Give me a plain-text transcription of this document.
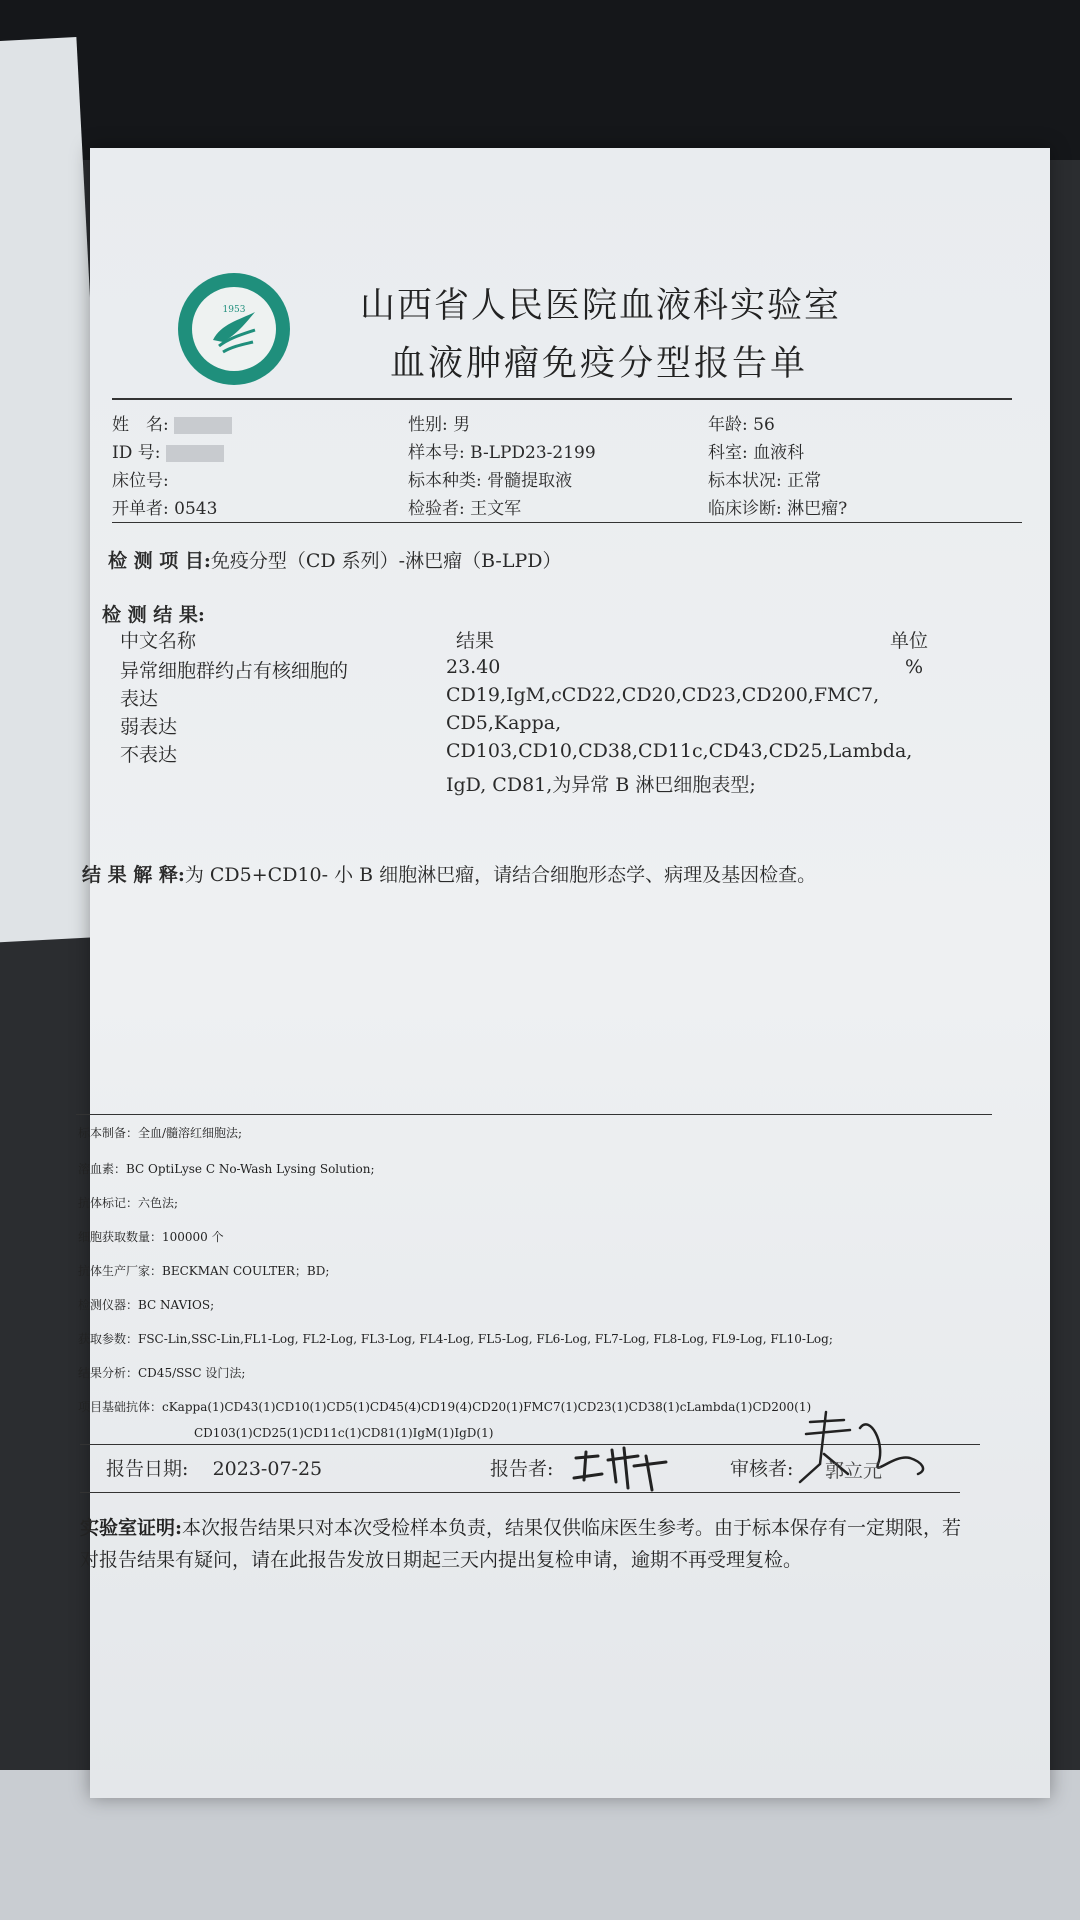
1953	山西省人民医院血液科实验室
血液肿瘤免疫分型报告单
姓　名:	性别: 男	年龄: 56
ID 号:	样本号: B-LPD23-2199	科室: 血液科
床位号:	标本种类: 骨髓提取液	标本状况: 正常
开单者: 0543	检验者: 王文军	临床诊断: 淋巴瘤?
检 测 项 目:免疫分型（CD 系列）-淋巴瘤（B-LPD）
检 测 结 果:
中文名称	结果	单位
异常细胞群约占有核细胞的	23.40	%
表达	CD19,IgM,cCD22,CD20,CD23,CD200,FMC7,
弱表达	CD5,Kappa,
不表达	CD103,CD10,CD38,CD11c,CD43,CD25,Lambda,
IgD, CD81,为异常 B 淋巴细胞表型;
结 果 解 释:为 CD5+CD10- 小 B 细胞淋巴瘤，请结合细胞形态学、病理及基因检查。
标本制备：全血/髓溶红细胞法;
溶血素：BC OptiLyse C No-Wash Lysing Solution;
抗体标记：六色法;
细胞获取数量：100000 个
抗体生产厂家：BECKMAN COULTER；BD;
检测仪器：BC NAVIOS;
获取参数：FSC-Lin,SSC-Lin,FL1-Log, FL2-Log, FL3-Log, FL4-Log, FL5-Log, FL6-Log, FL7-Log, FL8-Log, FL9-Log, FL10-Log;
结果分析：CD45/SSC 设门法;
项目基础抗体：cKappa(1)CD43(1)CD10(1)CD5(1)CD45(4)CD19(4)CD20(1)FMC7(1)CD23(1)CD38(1)cLambda(1)CD200(1)
CD103(1)CD25(1)CD11c(1)CD81(1)IgM(1)IgD(1)
报告日期: 2023-07-25	报告者:	审核者: 郭立元
实验室证明:本次报告结果只对本次受检样本负责，结果仅供临床医生参考。由于标本保存有一定期限，若对报告结果有疑问，请在此报告发放日期起三天内提出复检申请，逾期不再受理复检。
